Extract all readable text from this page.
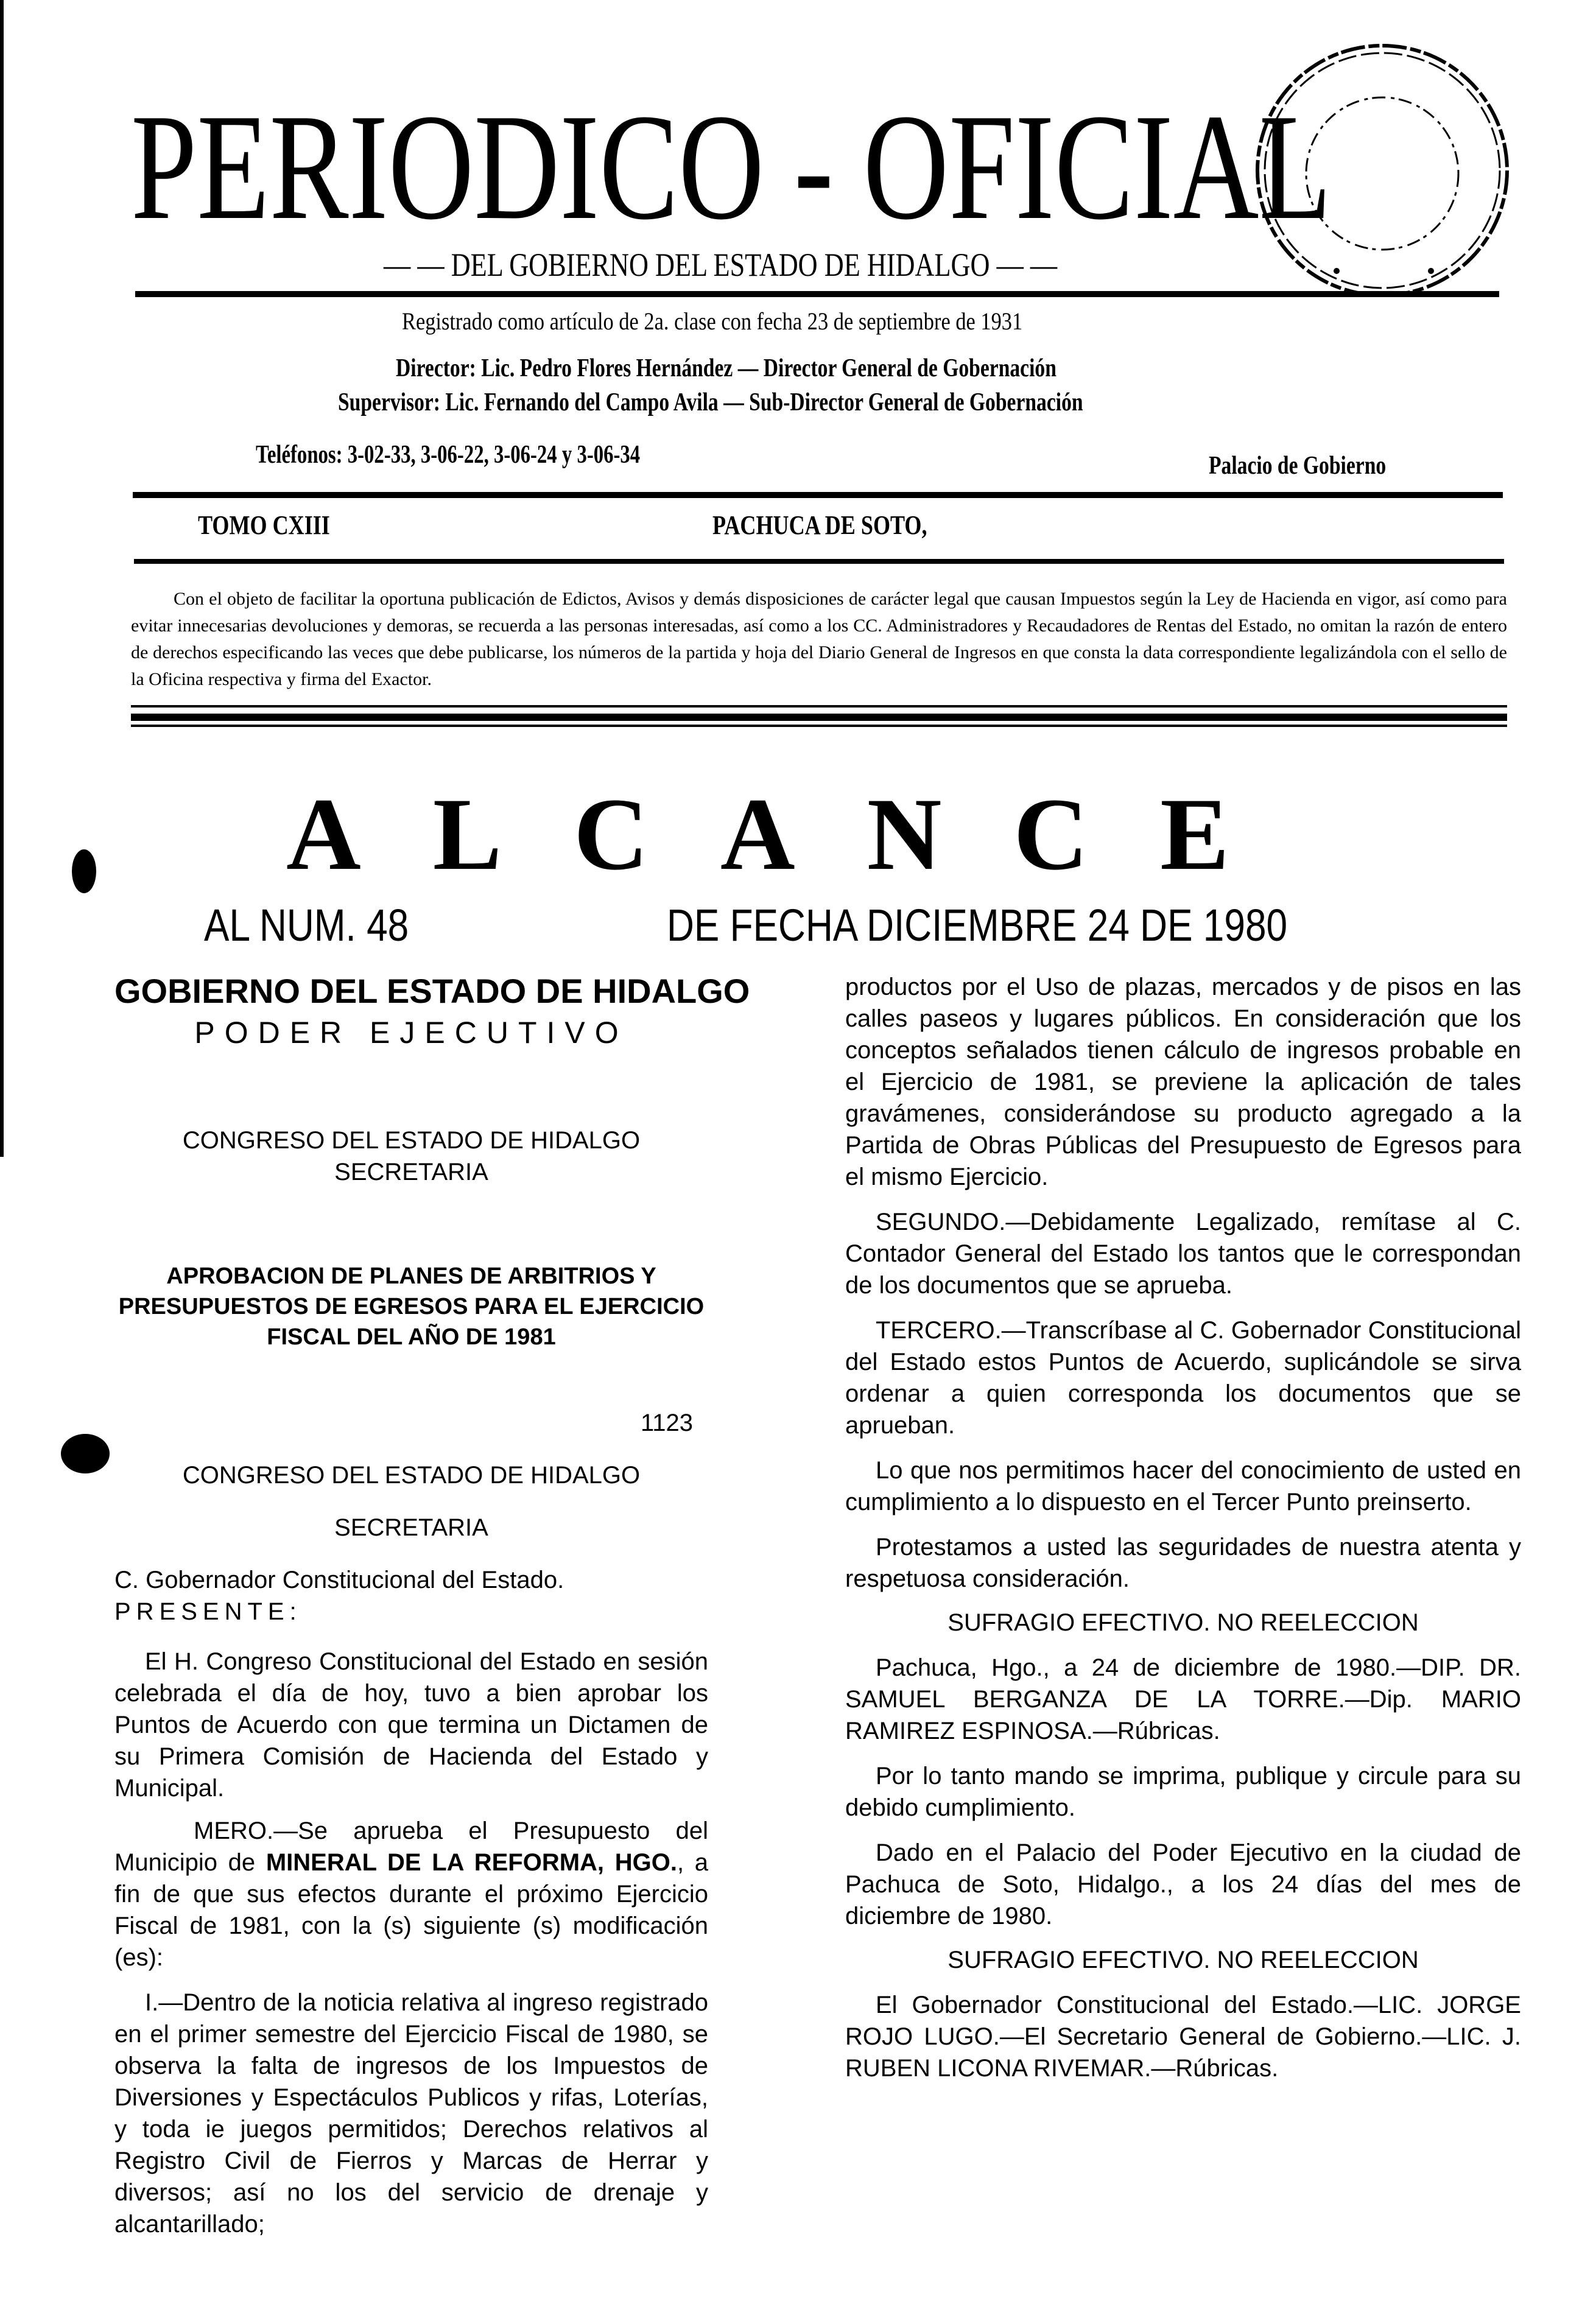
PERIODICO - OFICIAL
— — DEL GOBIERNO DEL ESTADO DE HIDALGO — —
Registrado como artículo de 2a. clase con fecha 23 de septiembre de 1931
Director: Lic. Pedro Flores Hernández — Director General de Gobernación
Supervisor: Lic. Fernando del Campo Avila — Sub-Director General de Gobernación
Teléfonos: 3-02-33, 3-06-22, 3-06-24 y 3-06-34	Palacio de Gobierno
TOMO CXIII	PACHUCA DE SOTO,

Con el objeto de facilitar la oportuna publicación de Edictos, Avisos y demás disposiciones de carácter legal que causan Impuestos según la Ley de Hacienda en vigor, así como para evitar innecesarias devoluciones y demoras, se recuerda a las personas interesadas, así como a los CC. Administradores y Recaudadores de Rentas del Estado, no omitan la razón de entero de derechos especificando las veces que debe publicarse, los números de la partida y hoja del Diario General de Ingresos en que consta la data correspondiente legalizándola con el sello de la Oficina respectiva y firma del Exactor.

ALCANCE
AL NUM. 48	DE FECHA DICIEMBRE 24 DE 1980
GOBIERNO DEL ESTADO DE HIDALGO
PODER EJECUTIVO
CONGRESO DEL ESTADO DE HIDALGO
SECRETARIA
APROBACION DE PLANES DE ARBITRIOS Y
PRESUPUESTOS DE EGRESOS PARA EL EJERCICIO
FISCAL DEL AÑO DE 1981
1123
CONGRESO DEL ESTADO DE HIDALGO
SECRETARIA
C. Gobernador Constitucional del Estado.
PRESENTE:

El H. Congreso Constitucional del Estado en sesión celebrada el día de hoy, tuvo a bien aprobar los Puntos de Acuerdo con que termina un Dictamen de su Primera Comisión de Hacienda del Estado y Municipal.

MERO.—Se aprueba el Presupuesto del Municipio de MINERAL DE LA REFORMA, HGO., a fin de que sus efectos durante el próximo Ejercicio Fiscal de 1981, con la (s) siguiente (s) modificación (es):

I.—Dentro de la noticia relativa al ingreso registrado en el primer semestre del Ejercicio Fiscal de 1980, se observa la falta de ingresos de los Impuestos de Diversiones y Espectáculos Publicos y rifas, Loterías, y toda ie juegos permitidos; Derechos relativos al Registro Civil de Fierros y Marcas de Herrar y diversos; así no los del servicio de drenaje y alcantarillado;

productos por el Uso de plazas, mercados y de pisos en las calles paseos y lugares públicos. En consideración que los conceptos señalados tienen cálculo de ingresos probable en el Ejercicio de 1981, se previene la aplicación de tales gravámenes, considerándose su producto agregado a la Partida de Obras Públicas del Presupuesto de Egresos para el mismo Ejercicio.

SEGUNDO.—Debidamente Legalizado, remítase al C. Contador General del Estado los tantos que le correspondan de los documentos que se aprueba.

TERCERO.—Transcríbase al C. Gobernador Constitucional del Estado estos Puntos de Acuerdo, suplicándole se sirva ordenar a quien corresponda los documentos que se aprueban.

Lo que nos permitimos hacer del conocimiento de usted en cumplimiento a lo dispuesto en el Tercer Punto preinserto.

Protestamos a usted las seguridades de nuestra atenta y respetuosa consideración.

SUFRAGIO EFECTIVO. NO REELECCION

Pachuca, Hgo., a 24 de diciembre de 1980.—DIP. DR. SAMUEL BERGANZA DE LA TORRE.—Dip. MARIO RAMIREZ ESPINOSA.—Rúbricas.

Por lo tanto mando se imprima, publique y circule para su debido cumplimiento.

Dado en el Palacio del Poder Ejecutivo en la ciudad de Pachuca de Soto, Hidalgo., a los 24 días del mes de diciembre de 1980.

SUFRAGIO EFECTIVO. NO REELECCION

El Gobernador Constitucional del Estado.—LIC. JORGE ROJO LUGO.—El Secretario General de Gobierno.—LIC. J. RUBEN LICONA RIVEMAR.—Rúbricas.
